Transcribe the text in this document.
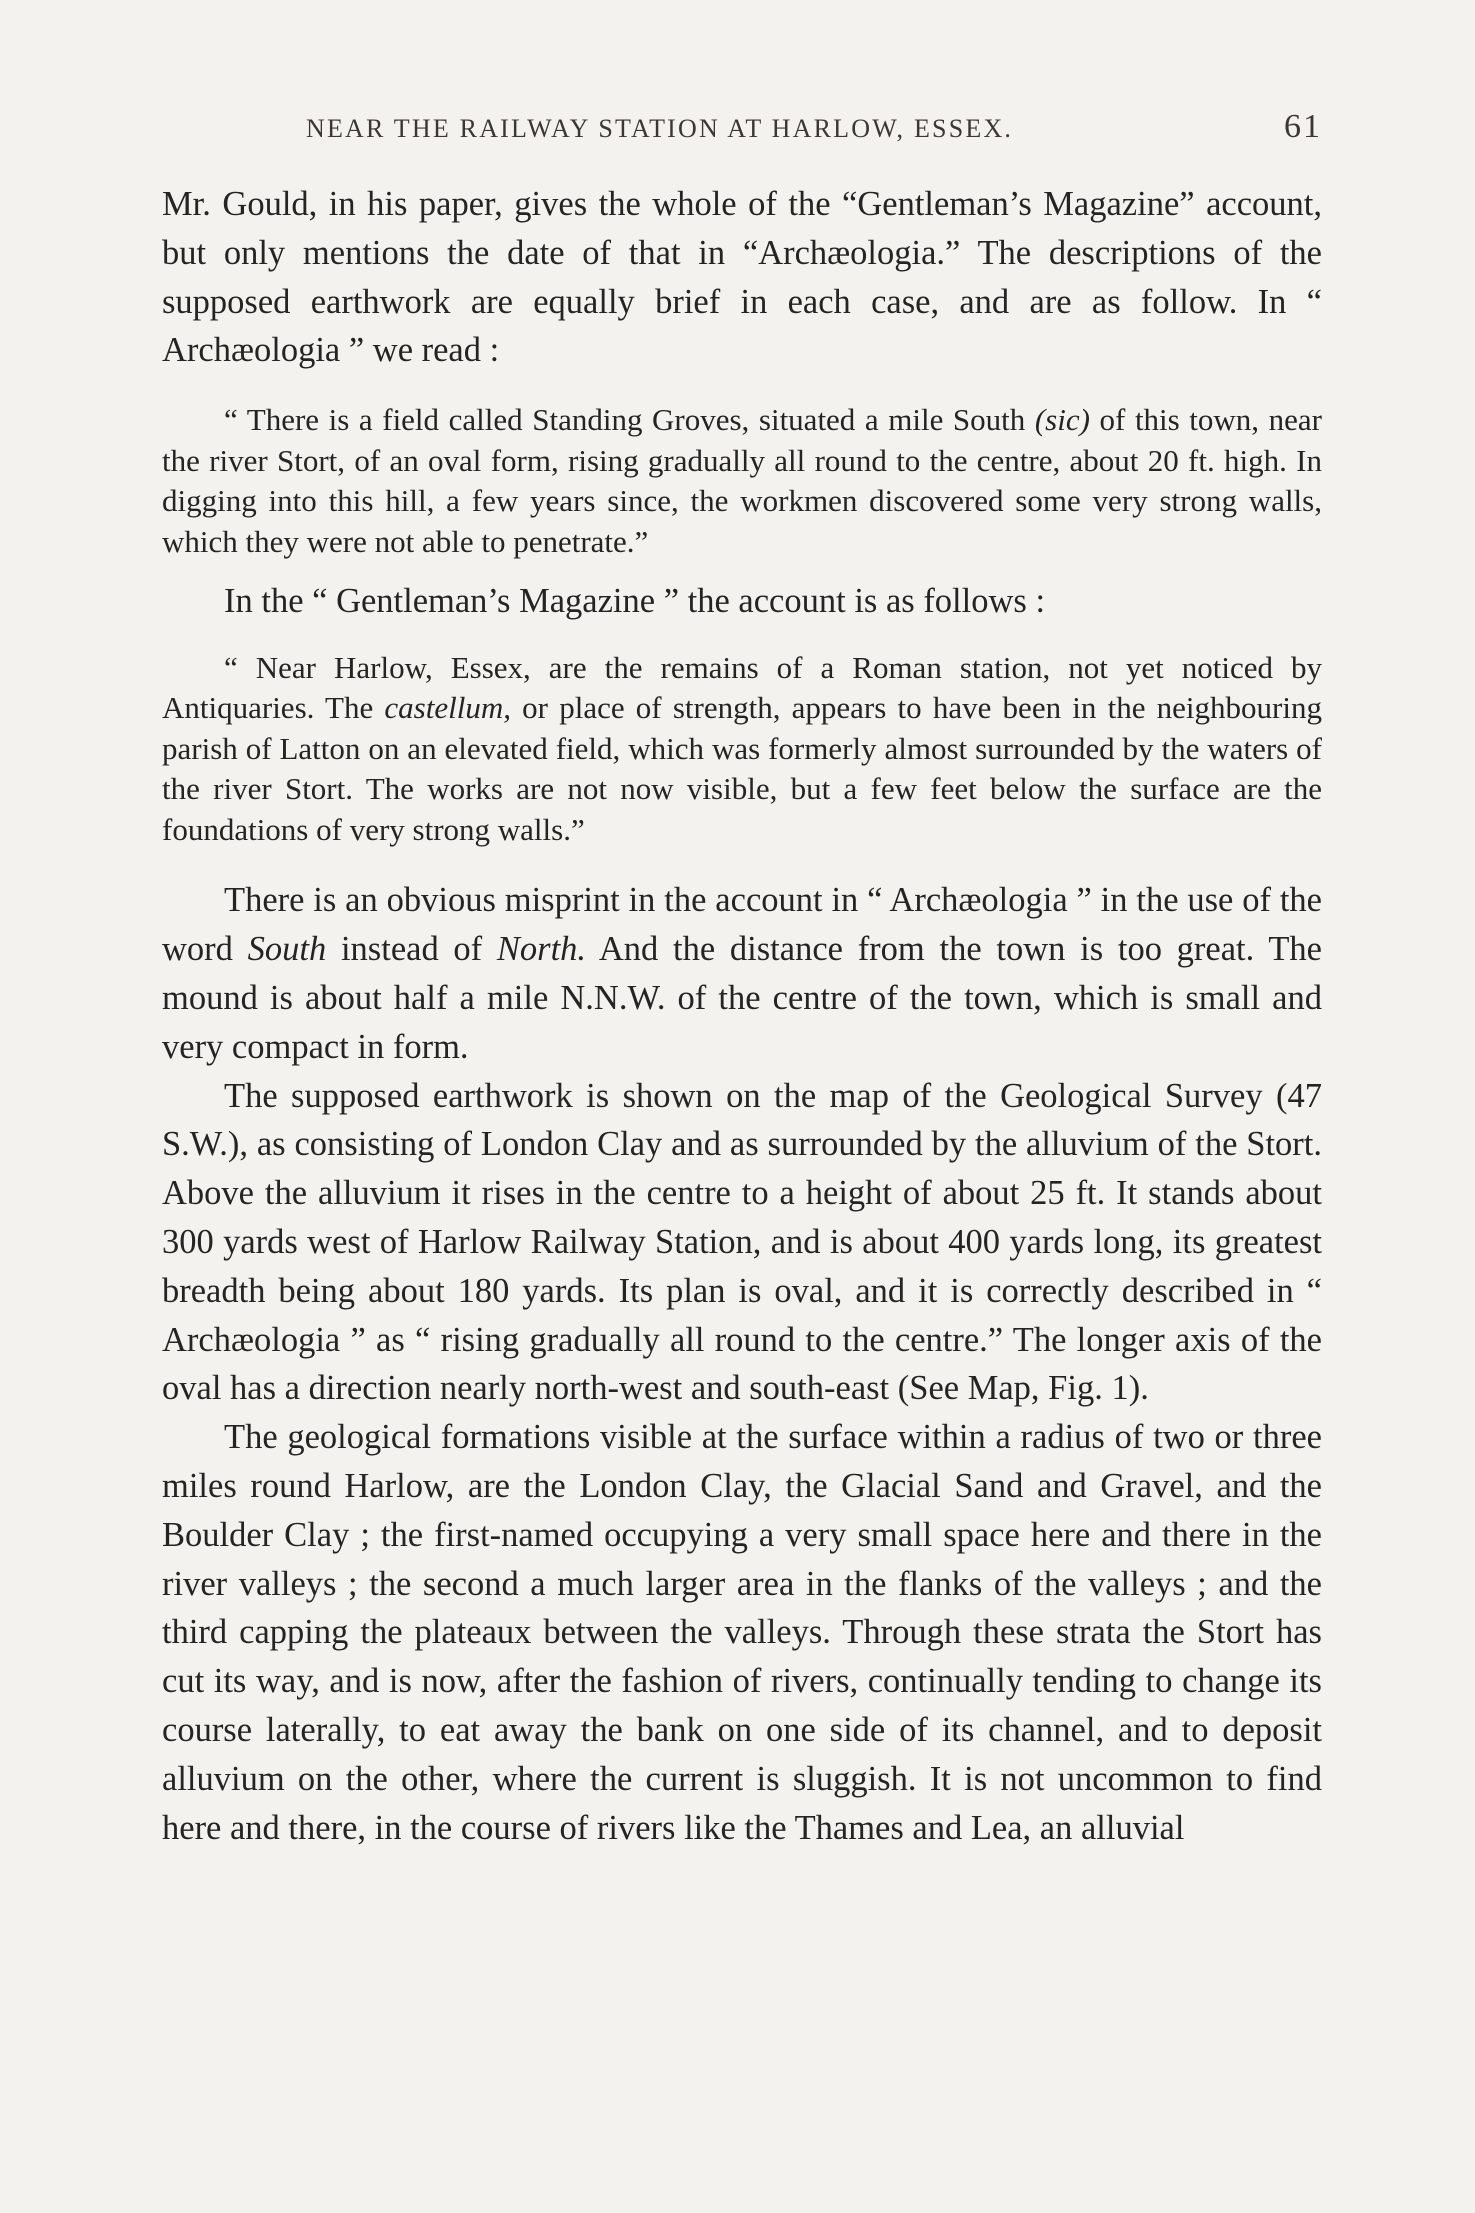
NEAR THE RAILWAY STATION AT HARLOW, ESSEX.	61

Mr. Gould, in his paper, gives the whole of the “Gentleman’s Magazine” account, but only mentions the date of that in “Archæologia.” The descriptions of the supposed earthwork are equally brief in each case, and are as follow. In “ Archæologia ” we read :

“ There is a field called Standing Groves, situated a mile South (sic) of this town, near the river Stort, of an oval form, rising gradually all round to the centre, about 20 ft. high. In digging into this hill, a few years since, the workmen discovered some very strong walls, which they were not able to penetrate.”

In the “ Gentleman’s Magazine ” the account is as follows :

“ Near Harlow, Essex, are the remains of a Roman station, not yet noticed by Antiquaries. The castellum, or place of strength, appears to have been in the neighbouring parish of Latton on an elevated field, which was formerly almost surrounded by the waters of the river Stort. The works are not now visible, but a few feet below the surface are the foundations of very strong walls.”

There is an obvious misprint in the account in “ Archæologia ” in the use of the word South instead of North. And the distance from the town is too great. The mound is about half a mile N.N.W. of the centre of the town, which is small and very compact in form.

The supposed earthwork is shown on the map of the Geological Survey (47 S.W.), as consisting of London Clay and as surrounded by the alluvium of the Stort. Above the alluvium it rises in the centre to a height of about 25 ft. It stands about 300 yards west of Harlow Railway Station, and is about 400 yards long, its greatest breadth being about 180 yards. Its plan is oval, and it is correctly described in “ Archæologia ” as “ rising gradually all round to the centre.” The longer axis of the oval has a direction nearly north-west and south-east (See Map, Fig. 1).

The geological formations visible at the surface within a radius of two or three miles round Harlow, are the London Clay, the Glacial Sand and Gravel, and the Boulder Clay ; the first-named occupying a very small space here and there in the river valleys ; the second a much larger area in the flanks of the valleys ; and the third capping the plateaux between the valleys. Through these strata the Stort has cut its way, and is now, after the fashion of rivers, continually tending to change its course laterally, to eat away the bank on one side of its channel, and to deposit alluvium on the other, where the current is sluggish. It is not uncommon to find here and there, in the course of rivers like the Thames and Lea, an alluvial
